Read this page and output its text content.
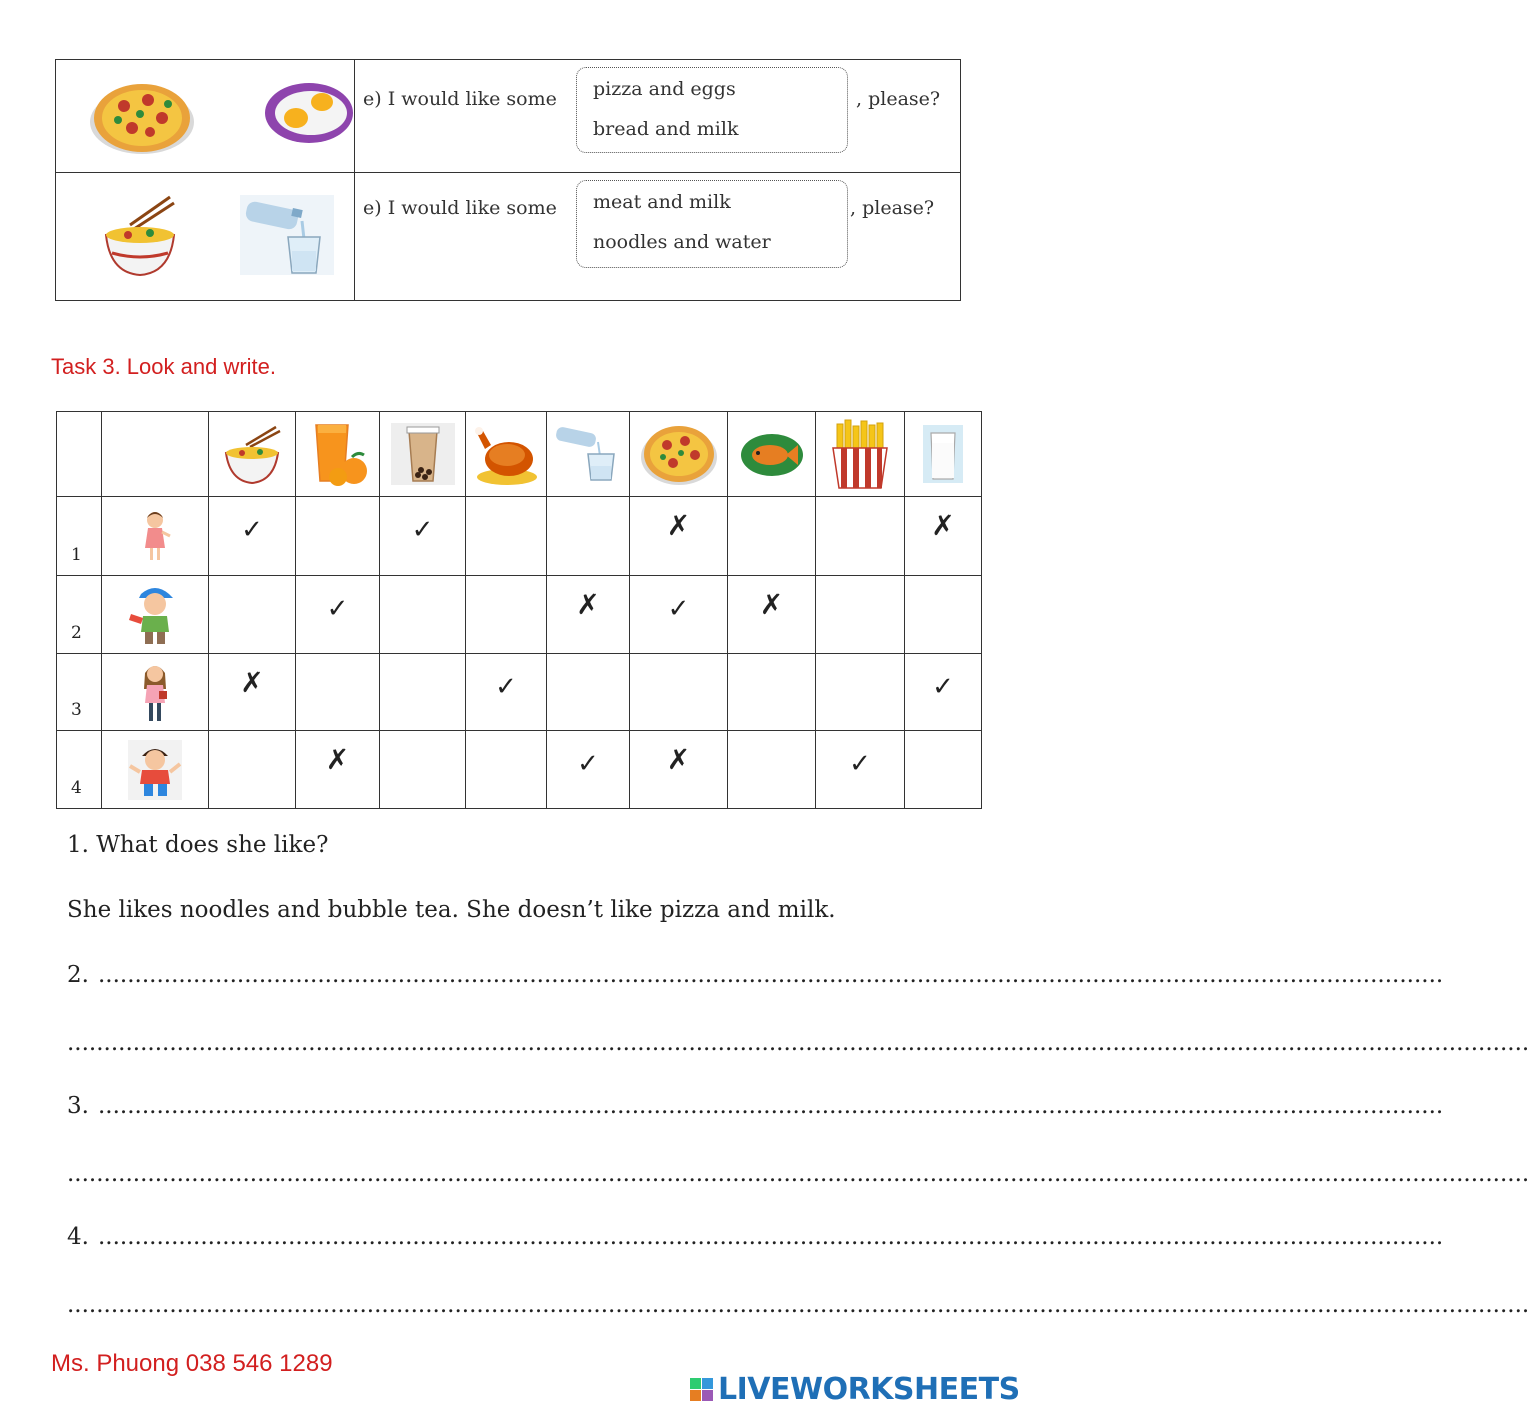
e) I would like some pizza and eggs
bread and milk
, please?
e) I would like some meat and milk
noodles and water
, please?
Task 3. Look and write.

1		✓		✓			✗			✗

2			✓			✗	✓	✗		

3		✗			✓					✓

4			✗			✓	✗		✓	

1. What does she like?
She likes noodles and bubble tea. She doesn’t like pizza and milk.
2. ........................................................................................................................................................................................
........................................................................................................................................................................................................
3. ........................................................................................................................................................................................
........................................................................................................................................................................................................
4. ........................................................................................................................................................................................
........................................................................................................................................................................................................
Ms. Phuong 038 546 1289
LIVEWORKSHEETS
